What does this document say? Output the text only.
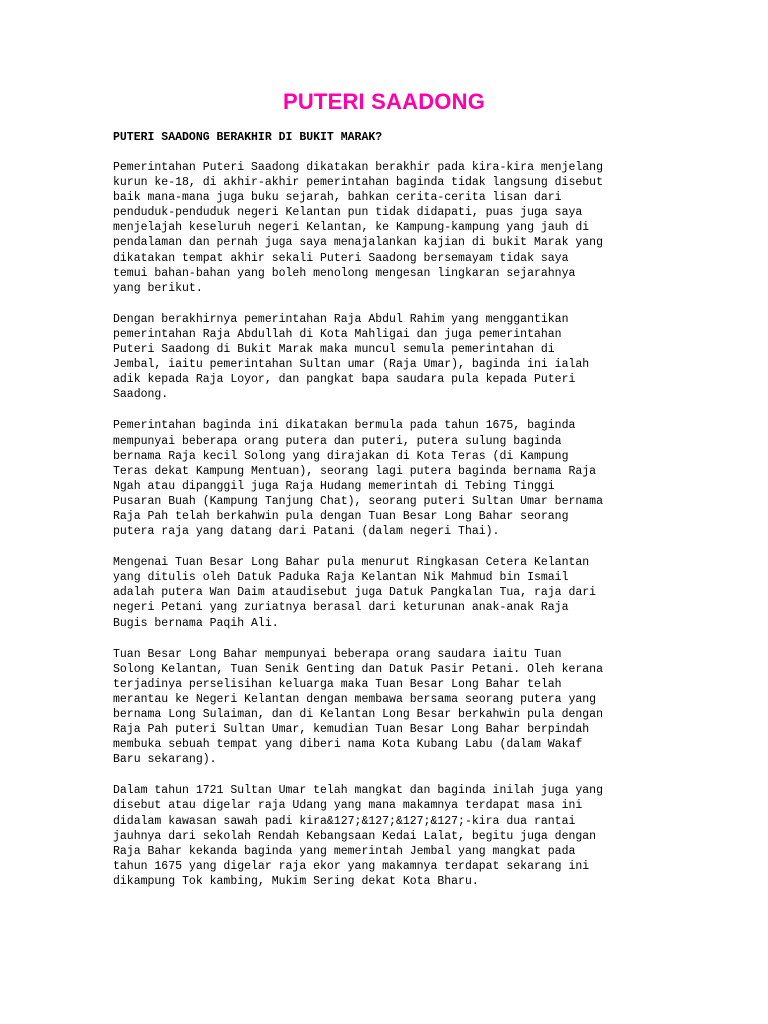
PUTERI SAADONG
PUTERI SAADONG BERAKHIR DI BUKIT MARAK?

Pemerintahan Puteri Saadong dikatakan berakhir pada kira-kira menjelang
kurun ke-18, di akhir-akhir pemerintahan baginda tidak langsung disebut
baik mana-mana juga buku sejarah, bahkan cerita-cerita lisan dari
penduduk-penduduk negeri Kelantan pun tidak didapati, puas juga saya
menjelajah keseluruh negeri Kelantan, ke Kampung-kampung yang jauh di
pendalaman dan pernah juga saya menajalankan kajian di bukit Marak yang
dikatakan tempat akhir sekali Puteri Saadong bersemayam tidak saya
temui bahan-bahan yang boleh menolong mengesan lingkaran sejarahnya
yang berikut.

Dengan berakhirnya pemerintahan Raja Abdul Rahim yang menggantikan
pemerintahan Raja Abdullah di Kota Mahligai dan juga pemerintahan
Puteri Saadong di Bukit Marak maka muncul semula pemerintahan di
Jembal, iaitu pemerintahan Sultan umar (Raja Umar), baginda ini ialah
adik kepada Raja Loyor, dan pangkat bapa saudara pula kepada Puteri
Saadong.

Pemerintahan baginda ini dikatakan bermula pada tahun 1675, baginda
mempunyai beberapa orang putera dan puteri, putera sulung baginda
bernama Raja kecil Solong yang dirajakan di Kota Teras (di Kampung
Teras dekat Kampung Mentuan), seorang lagi putera baginda bernama Raja
Ngah atau dipanggil juga Raja Hudang memerintah di Tebing Tinggi
Pusaran Buah (Kampung Tanjung Chat), seorang puteri Sultan Umar bernama
Raja Pah telah berkahwin pula dengan Tuan Besar Long Bahar seorang
putera raja yang datang dari Patani (dalam negeri Thai).

Mengenai Tuan Besar Long Bahar pula menurut Ringkasan Cetera Kelantan
yang ditulis oleh Datuk Paduka Raja Kelantan Nik Mahmud bin Ismail
adalah putera Wan Daim ataudisebut juga Datuk Pangkalan Tua, raja dari
negeri Petani yang zuriatnya berasal dari keturunan anak-anak Raja
Bugis bernama Paqih Ali.

Tuan Besar Long Bahar mempunyai beberapa orang saudara iaitu Tuan
Solong Kelantan, Tuan Senik Genting dan Datuk Pasir Petani. Oleh kerana
terjadinya perselisihan keluarga maka Tuan Besar Long Bahar telah
merantau ke Negeri Kelantan dengan membawa bersama seorang putera yang
bernama Long Sulaiman, dan di Kelantan Long Besar berkahwin pula dengan
Raja Pah puteri Sultan Umar, kemudian Tuan Besar Long Bahar berpindah
membuka sebuah tempat yang diberi nama Kota Kubang Labu (dalam Wakaf
Baru sekarang).

Dalam tahun 1721 Sultan Umar telah mangkat dan baginda inilah juga yang
disebut atau digelar raja Udang yang mana makamnya terdapat masa ini
didalam kawasan sawah padi kira&127;&127;&127;&127;-kira dua rantai
jauhnya dari sekolah Rendah Kebangsaan Kedai Lalat, begitu juga dengan
Raja Bahar kekanda baginda yang memerintah Jembal yang mangkat pada
tahun 1675 yang digelar raja ekor yang makamnya terdapat sekarang ini
dikampung Tok kambing, Mukim Sering dekat Kota Bharu.
